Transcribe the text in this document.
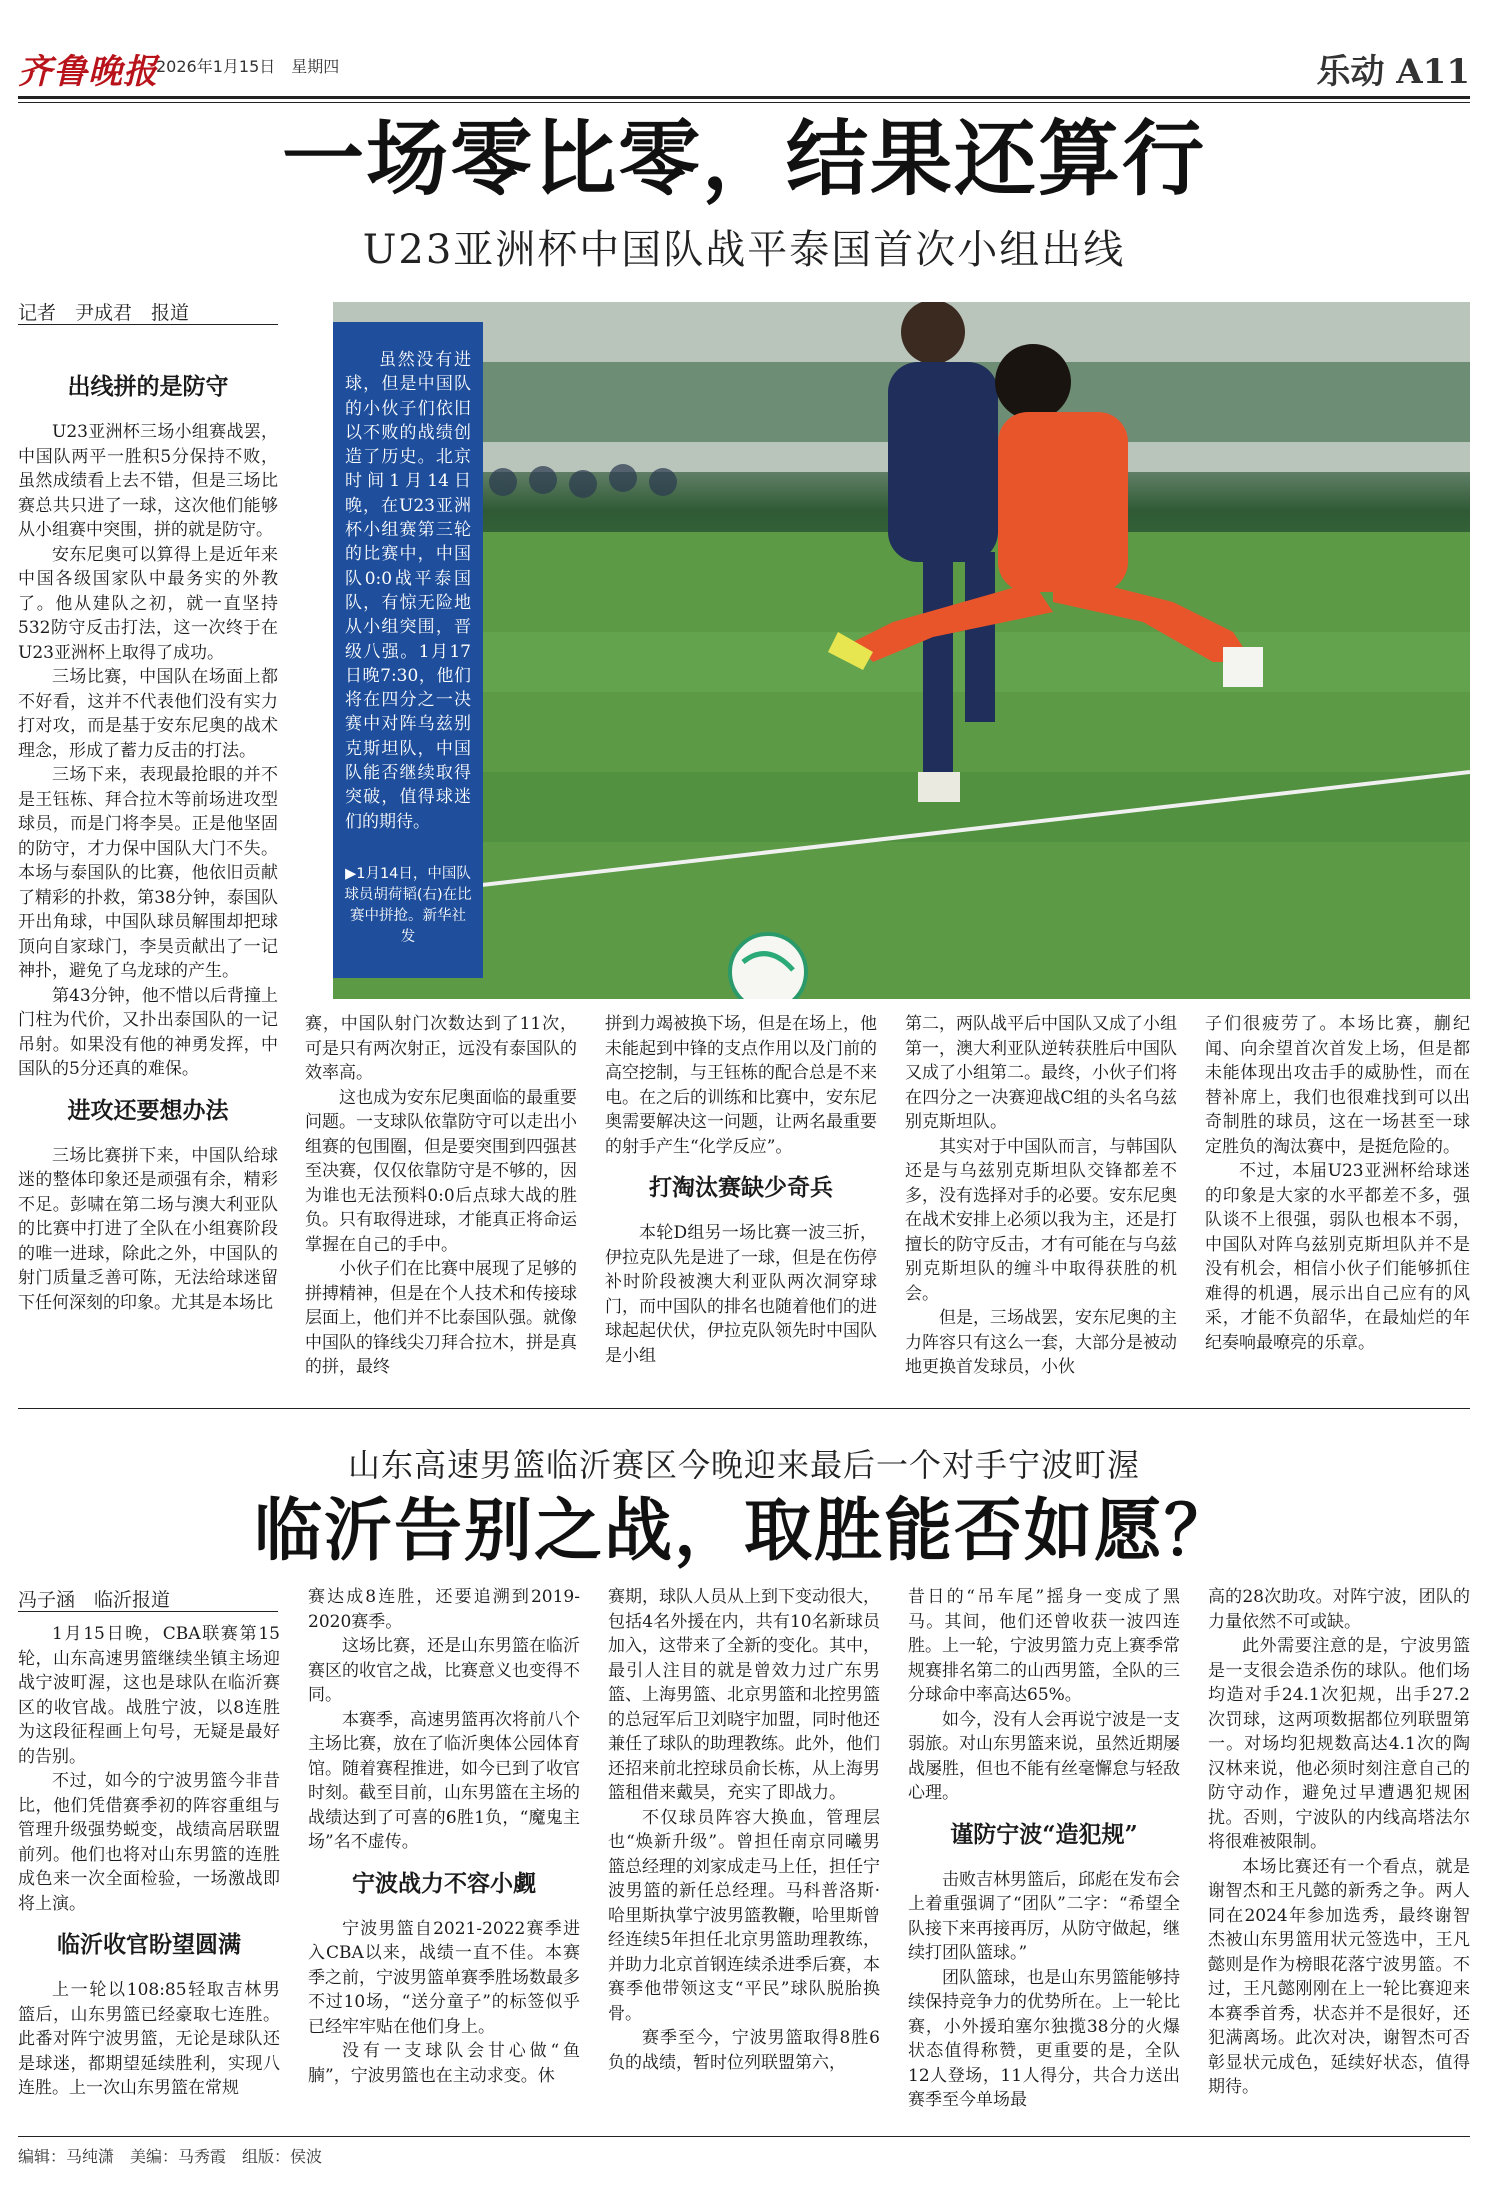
齐鲁晚报
2026年1月15日　星期四	乐动 A11
一场零比零，结果还算行
U23亚洲杯中国队战平泰国首次小组出线
记者　尹成君　报道
出线拼的是防守

U23亚洲杯三场小组赛战罢，中国队两平一胜积5分保持不败，虽然成绩看上去不错，但是三场比赛总共只进了一球，这次他们能够从小组赛中突围，拼的就是防守。

安东尼奥可以算得上是近年来中国各级国家队中最务实的外教了。他从建队之初，就一直坚持532防守反击打法，这一次终于在U23亚洲杯上取得了成功。

三场比赛，中国队在场面上都不好看，这并不代表他们没有实力打对攻，而是基于安东尼奥的战术理念，形成了蓄力反击的打法。

三场下来，表现最抢眼的并不是王钰栋、拜合拉木等前场进攻型球员，而是门将李昊。正是他坚固的防守，才力保中国队大门不失。本场与泰国队的比赛，他依旧贡献了精彩的扑救，第38分钟，泰国队开出角球，中国队球员解围却把球顶向自家球门，李昊贡献出了一记神扑，避免了乌龙球的产生。

第43分钟，他不惜以后背撞上门柱为代价，又扑出泰国队的一记吊射。如果没有他的神勇发挥，中国队的5分还真的难保。

进攻还要想办法

三场比赛拼下来，中国队给球迷的整体印象还是顽强有余，精彩不足。彭啸在第二场与澳大利亚队的比赛中打进了全队在小组赛阶段的唯一进球，除此之外，中国队的射门质量乏善可陈，无法给球迷留下任何深刻的印象。尤其是本场比

虽然没有进球，但是中国队的小伙子们依旧以不败的战绩创造了历史。北京时间1月14日晚，在U23亚洲杯小组赛第三轮的比赛中，中国队0:0战平泰国队，有惊无险地从小组突围，晋级八强。1月17日晚7:30，他们将在四分之一决赛中对阵乌兹别克斯坦队，中国队能否继续取得突破，值得球迷们的期待。

▶1月14日，中国队球员胡荷韬(右)在比赛中拼抢。新华社发

赛，中国队射门次数达到了11次，可是只有两次射正，远没有泰国队的效率高。

这也成为安东尼奥面临的最重要问题。一支球队依靠防守可以走出小组赛的包围圈，但是要突围到四强甚至决赛，仅仅依靠防守是不够的，因为谁也无法预料0:0后点球大战的胜负。只有取得进球，才能真正将命运掌握在自己的手中。

小伙子们在比赛中展现了足够的拼搏精神，但是在个人技术和传接球层面上，他们并不比泰国队强。就像中国队的锋线尖刀拜合拉木，拼是真的拼，最终

拼到力竭被换下场，但是在场上，他未能起到中锋的支点作用以及门前的高空挖制，与王钰栋的配合总是不来电。在之后的训练和比赛中，安东尼奥需要解决这一问题，让两名最重要的射手产生“化学反应”。

打淘汰赛缺少奇兵

本轮D组另一场比赛一波三折，伊拉克队先是进了一球，但是在伤停补时阶段被澳大利亚队两次洞穿球门，而中国队的排名也随着他们的进球起起伏伏，伊拉克队领先时中国队是小组

第二，两队战平后中国队又成了小组第一，澳大利亚队逆转获胜后中国队又成了小组第二。最终，小伙子们将在四分之一决赛迎战C组的头名乌兹别克斯坦队。

其实对于中国队而言，与韩国队还是与乌兹别克斯坦队交锋都差不多，没有选择对手的必要。安东尼奥在战术安排上必须以我为主，还是打擅长的防守反击，才有可能在与乌兹别克斯坦队的缠斗中取得获胜的机会。

但是，三场战罢，安东尼奥的主力阵容只有这么一套，大部分是被动地更换首发球员，小伙

子们很疲劳了。本场比赛，蒯纪闻、向余望首次首发上场，但是都未能体现出攻击手的威胁性，而在替补席上，我们也很难找到可以出奇制胜的球员，这在一场甚至一球定胜负的淘汰赛中，是挺危险的。

不过，本届U23亚洲杯给球迷的印象是大家的水平都差不多，强队谈不上很强，弱队也根本不弱，中国队对阵乌兹别克斯坦队并不是没有机会，相信小伙子们能够抓住难得的机遇，展示出自己应有的风采，才能不负韶华，在最灿烂的年纪奏响最嘹亮的乐章。

山东高速男篮临沂赛区今晚迎来最后一个对手宁波町渥
临沂告别之战，取胜能否如愿？
冯子涵　临沂报道

1月15日晚，CBA联赛第15轮，山东高速男篮继续坐镇主场迎战宁波町渥，这也是球队在临沂赛区的收官战。战胜宁波，以8连胜为这段征程画上句号，无疑是最好的告别。

不过，如今的宁波男篮今非昔比，他们凭借赛季初的阵容重组与管理升级强势蜕变，战绩高居联盟前列。他们也将对山东男篮的连胜成色来一次全面检验，一场激战即将上演。

临沂收官盼望圆满

上一轮以108:85轻取吉林男篮后，山东男篮已经豪取七连胜。此番对阵宁波男篮，无论是球队还是球迷，都期望延续胜利，实现八连胜。上一次山东男篮在常规

赛达成8连胜，还要追溯到2019-2020赛季。

这场比赛，还是山东男篮在临沂赛区的收官之战，比赛意义也变得不同。

本赛季，高速男篮再次将前八个主场比赛，放在了临沂奥体公园体育馆。随着赛程推进，如今已到了收官时刻。截至目前，山东男篮在主场的战绩达到了可喜的6胜1负，“魔鬼主场”名不虚传。

宁波战力不容小觑

宁波男篮自2021-2022赛季进入CBA以来，战绩一直不佳。本赛季之前，宁波男篮单赛季胜场数最多不过10场，“送分童子”的标签似乎已经牢牢贴在他们身上。

没有一支球队会甘心做“鱼腩”，宁波男篮也在主动求变。休

赛期，球队人员从上到下变动很大，包括4名外援在内，共有10名新球员加入，这带来了全新的变化。其中，最引人注目的就是曾效力过广东男篮、上海男篮、北京男篮和北控男篮的总冠军后卫刘晓宇加盟，同时他还兼任了球队的助理教练。此外，他们还招来前北控球员俞长栋，从上海男篮租借来戴昊，充实了即战力。

不仅球员阵容大换血，管理层也“焕新升级”。曾担任南京同曦男篮总经理的刘家成走马上任，担任宁波男篮的新任总经理。马科普洛斯·哈里斯执掌宁波男篮教鞭，哈里斯曾经连续5年担任北京男篮助理教练，并助力北京首钢连续杀进季后赛，本赛季他带领这支“平民”球队脱胎换骨。

赛季至今，宁波男篮取得8胜6负的战绩，暂时位列联盟第六，

昔日的“吊车尾”摇身一变成了黑马。其间，他们还曾收获一波四连胜。上一轮，宁波男篮力克上赛季常规赛排名第二的山西男篮，全队的三分球命中率高达65%。

如今，没有人会再说宁波是一支弱旅。对山东男篮来说，虽然近期屡战屡胜，但也不能有丝毫懈怠与轻敌心理。

谨防宁波“造犯规”

击败吉林男篮后，邱彪在发布会上着重强调了“团队”二字：“希望全队接下来再接再厉，从防守做起，继续打团队篮球。”

团队篮球，也是山东男篮能够持续保持竞争力的优势所在。上一轮比赛，小外援珀塞尔独揽38分的火爆状态值得称赞，更重要的是，全队12人登场，11人得分，共合力送出赛季至今单场最

高的28次助攻。对阵宁波，团队的力量依然不可或缺。

此外需要注意的是，宁波男篮是一支很会造杀伤的球队。他们场均造对手24.1次犯规，出手27.2次罚球，这两项数据都位列联盟第一。对场均犯规数高达4.1次的陶汉林来说，他必须时刻注意自己的防守动作，避免过早遭遇犯规困扰。否则，宁波队的内线高塔法尔将很难被限制。

本场比赛还有一个看点，就是谢智杰和王凡懿的新秀之争。两人同在2024年参加选秀，最终谢智杰被山东男篮用状元签选中，王凡懿则是作为榜眼花落宁波男篮。不过，王凡懿刚刚在上一轮比赛迎来本赛季首秀，状态并不是很好，还犯满离场。此次对决，谢智杰可否彰显状元成色，延续好状态，值得期待。

编辑：马纯潇　美编：马秀霞　组版：侯波
